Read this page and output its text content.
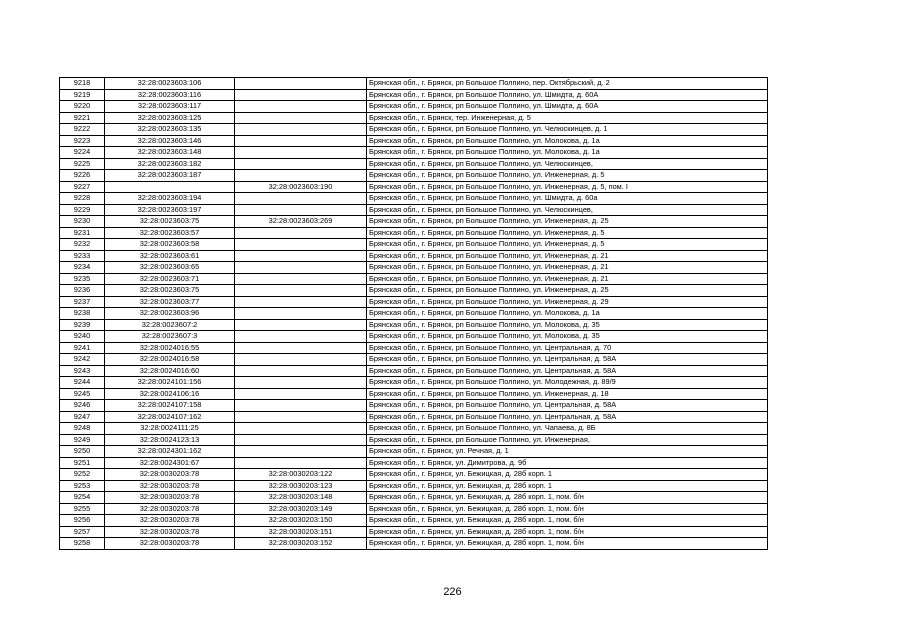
9218	32:28:0023603:106		Брянская обл., г. Брянск, рп Большое Полпино, пер. Октябрьский, д. 2
9219	32:28:0023603:116		Брянская обл., г. Брянск, рп Большое Полпино, ул. Шмидта, д. 60А
9220	32:28:0023603:117		Брянская обл., г. Брянск, рп Большое Полпино, ул. Шмидта, д. 60А
9221	32:28:0023603:125		Брянская обл., г. Брянск, тер. Инженерная, д. 5
9222	32:28:0023603:135		Брянская обл., г. Брянск, рп Большое Полпино, ул. Челюскинцев, д. 1
9223	32:28:0023603:146		Брянская обл., г. Брянск, рп Большое Полпино, ул. Молокова, д. 1а
9224	32:28:0023603:148		Брянская обл., г. Брянск, рп Большое Полпино, ул. Молокова, д. 1а
9225	32:28:0023603:182		Брянская обл., г. Брянск, рп Большое Полпино, ул. Челюскинцев,
9226	32:28:0023603:187		Брянская обл., г. Брянск, рп Большое Полпино, ул. Инженерная, д. 5
9227		32:28:0023603:190	Брянская обл., г. Брянск, рп Большое Полпино, ул. Инженерная, д. 5, пом. I
9228	32:28:0023603:194		Брянская обл., г. Брянск, рп Большое Полпино, ул. Шмидта, д. 60а
9229	32:28:0023603:197		Брянская обл., г. Брянск, рп Большое Полпино, ул. Челюскинцев,
9230	32:28:0023603:75	32:28:0023603:269	Брянская обл., г. Брянск, рп Большое Полпино, ул. Инженерная, д. 25
9231	32:28:0023603:57		Брянская обл., г. Брянск, рп Большое Полпино, ул. Инженерная, д. 5
9232	32:28:0023603:58		Брянская обл., г. Брянск, рп Большое Полпино, ул. Инженерная, д. 5
9233	32:28:0023603:61		Брянская обл., г. Брянск, рп Большое Полпино, ул. Инженерная, д. 21
9234	32:28:0023603:65		Брянская обл., г. Брянск, рп Большое Полпино, ул. Инженерная, д. 21
9235	32:28:0023603:71		Брянская обл., г. Брянск, рп Большое Полпино, ул. Инженерная, д. 21
9236	32:28:0023603:75		Брянская обл., г. Брянск, рп Большое Полпино, ул. Инженерная, д. 25
9237	32:28:0023603:77		Брянская обл., г. Брянск, рп Большое Полпино, ул. Инженерная, д. 29
9238	32:28:0023603:96		Брянская обл., г. Брянск, рп Большое Полпино, ул. Молокова, д. 1а
9239	32:28:0023607:2		Брянская обл., г. Брянск, рп Большое Полпино, ул. Молокова, д. 35
9240	32:28:0023607:3		Брянская обл., г. Брянск, рп Большое Полпино, ул. Молокова, д. 35
9241	32:28:0024016:55		Брянская обл., г. Брянск, рп Большое Полпино, ул. Центральная, д. 70
9242	32:28:0024016:58		Брянская обл., г. Брянск, рп Большое Полпино, ул. Центральная, д. 58А
9243	32:28:0024016:60		Брянская обл., г. Брянск, рп Большое Полпино, ул. Центральная, д. 58А
9244	32:28:0024101:156		Брянская обл., г. Брянск, рп Большое Полпино, ул. Молодежная, д. 89/9
9245	32:28:0024106:16		Брянская обл., г. Брянск, рп Большое Полпино, ул. Инженерная, д. 18
9246	32:28:0024107:158		Брянская обл., г. Брянск, рп Большое Полпино, ул. Центральная, д. 58А
9247	32:28:0024107:162		Брянская обл., г. Брянск, рп Большое Полпино, ул. Центральная, д. 58А
9248	32:28:0024111:25		Брянская обл., г. Брянск, рп Большое Полпино, ул. Чапаева, д. 8Б
9249	32:28:0024123:13		Брянская обл., г. Брянск, рп Большое Полпино, ул. Инженерная,
9250	32:28:0024301:162		Брянская обл., г. Брянск, ул. Речная, д. 1
9251	32:28:0024301:67		Брянская обл., г. Брянск, ул. Димитрова, д. 9б
9252	32:28:0030203:78	32:28:0030203:122	Брянская обл., г. Брянск, ул. Бежицкая, д. 28б корп. 1
9253	32:28:0030203:78	32:28:0030203:123	Брянская обл., г. Брянск, ул. Бежицкая, д. 28б корп. 1
9254	32:28:0030203:78	32:28:0030203:148	Брянская обл., г. Брянск, ул. Бежицкая, д. 28б корп. 1, пом. б/н
9255	32:28:0030203:78	32:28:0030203:149	Брянская обл., г. Брянск, ул. Бежицкая, д. 28б корп. 1, пом. б/н
9256	32:28:0030203:78	32:28:0030203:150	Брянская обл., г. Брянск, ул. Бежицкая, д. 28б корп. 1, пом. б/н
9257	32:28:0030203:78	32:28:0030203:151	Брянская обл., г. Брянск, ул. Бежицкая, д. 28б корп. 1, пом. б/н
9258	32:28:0030203:78	32:28:0030203:152	Брянская обл., г. Брянск, ул. Бежицкая, д. 28б корп. 1, пом. б/н
226
